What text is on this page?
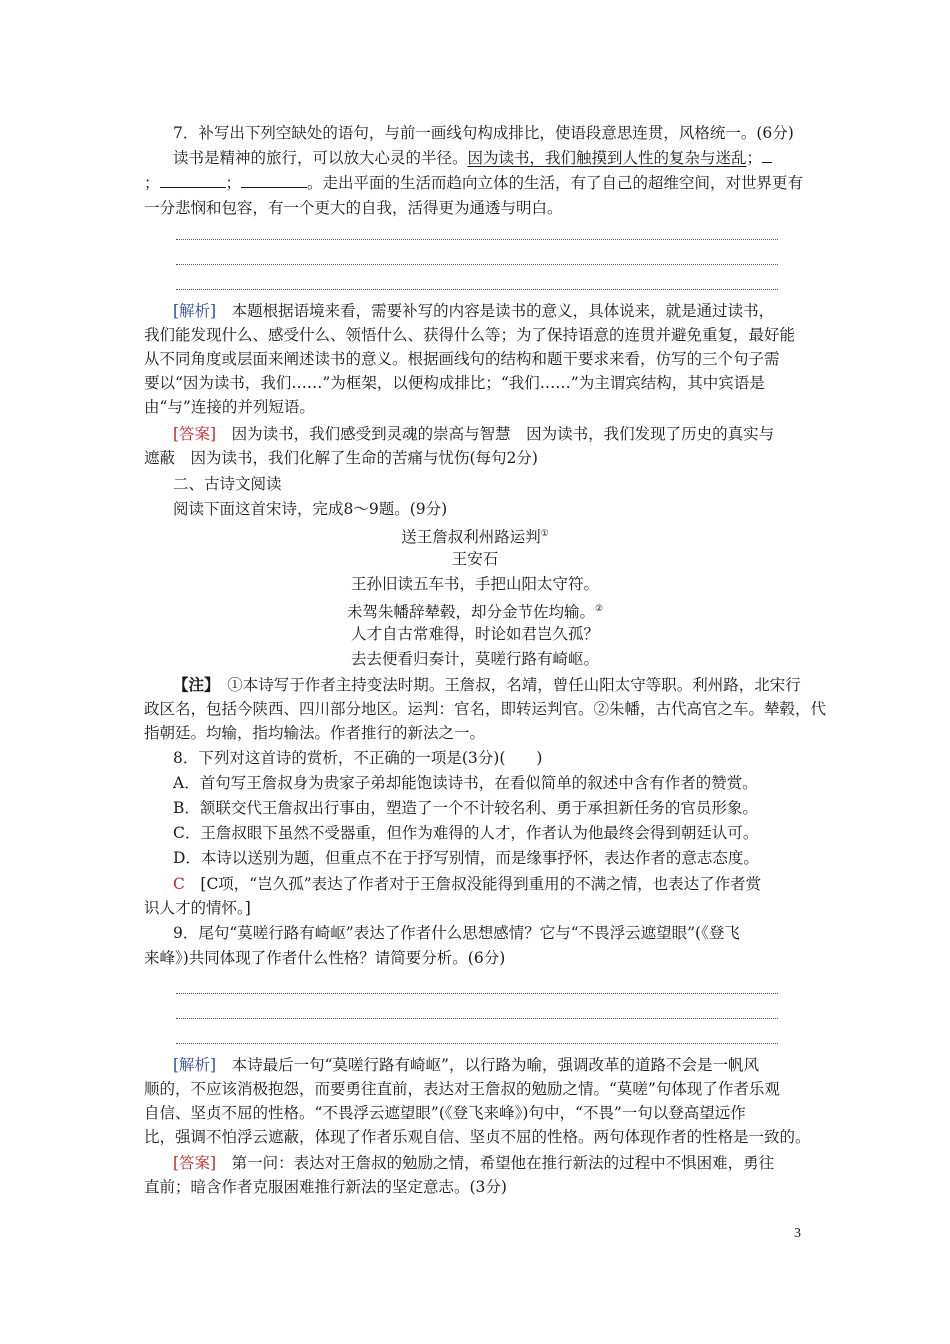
7．补写出下列空缺处的语句，与前一画线句构成排比，使语段意思连贯，风格统一。(6分)
读书是精神的旅行，可以放大心灵的半径。因为读书，我们触摸到人性的复杂与迷乱；
；	；	。走出平面的生活而趋向立体的生活，有了自己的超维空间，对世界更有
一分悲悯和包容，有一个更大的自我，活得更为通透与明白。
[解析]　 本题根据语境来看，需要补写的内容是读书的意义，具体说来，就是通过读书，
我们能发现什么、感受什么、领悟什么、获得什么等；为了保持语意的连贯并避免重复，最好能
从不同角度或层面来阐述读书的意义。根据画线句的结构和题干要求来看，仿写的三个句子需
要以“因为读书，我们……”为框架，以便构成排比；“我们……”为主谓宾结构，其中宾语是
由“与”连接的并列短语。
[答案]　 因为读书，我们感受到灵魂的崇高与智慧　因为读书，我们发现了历史的真实与
遮蔽　因为读书，我们化解了生命的苦痛与忧伤(每句2分)
二、古诗文阅读
阅读下面这首宋诗，完成8～9题。(9分)
送王詹叔利州路运判①
王安石
王孙旧读五车书，手把山阳太守符。
未驾朱幡辞辇毂，却分金节佐均输。②
人才自古常难得，时论如君岂久孤？
去去便看归奏计，莫嗟行路有崎岖。
【注】　 ①本诗写于作者主持变法时期。王詹叔，名靖，曾任山阳太守等职。利州路，北宋行
政区名，包括今陕西、四川部分地区。运判：官名，即转运判官。②朱幡，古代高官之车。辇毂，代
指朝廷。均输，指均输法。作者推行的新法之一。
8．下列对这首诗的赏析，不正确的一项是(3分)(　　)
A．首句写王詹叔身为贵家子弟却能饱读诗书，在看似简单的叙述中含有作者的赞赏。
B．颔联交代王詹叔出行事由，塑造了一个不计较名利、勇于承担新任务的官员形象。
C．王詹叔眼下虽然不受器重，但作为难得的人才，作者认为他最终会得到朝廷认可。
D．本诗以送别为题，但重点不在于抒写别情，而是缘事抒怀，表达作者的意志态度。
C　 [C项，“岂久孤”表达了作者对于王詹叔没能得到重用的不满之情，也表达了作者赏
识人才的情怀。]
9．尾句“莫嗟行路有崎岖”表达了作者什么思想感情？它与“不畏浮云遮望眼”(《登飞
来峰》)共同体现了作者什么性格？请简要分析。(6分)
[解析]　 本诗最后一句“莫嗟行路有崎岖”，以行路为喻，强调改革的道路不会是一帆风
顺的，不应该消极抱怨，而要勇往直前，表达对王詹叔的勉励之情。“莫嗟”句体现了作者乐观
自信、坚贞不屈的性格。“不畏浮云遮望眼”(《登飞来峰》)句中，“不畏”一句以登高望远作
比，强调不怕浮云遮蔽，体现了作者乐观自信、坚贞不屈的性格。两句体现作者的性格是一致的。
[答案]　 第一问：表达对王詹叔的勉励之情，希望他在推行新法的过程中不惧困难，勇往
直前；暗含作者克服困难推行新法的坚定意志。(3分)
3
